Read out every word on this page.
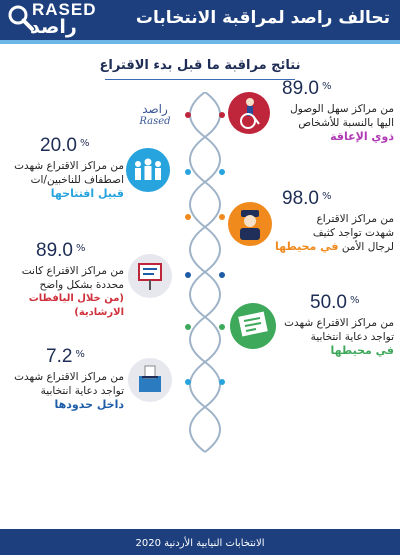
RASED
راصد	تحالف راصد لمراقبة الانتخابات
نتائج مراقبة ما قبل بدء الاقتراع
راصد
Rased
89.0 %
من مراكز سهل الوصول
اليها بالنسبة للأشخاص
ذوي الإعاقة
20.0 %
من مراكز الاقتراع شهدت
اصطفاف للناخبين/ات
قبيل افتتاحها	98.0 %
من مراكز الاقتراع
شهدت تواجد كثيف
لرجال الأمن في محيطها
89.0 %
من مراكز الاقتراع كانت
محددة بشكل واضح
(من خلال اليافطات الارشادية)	50.0 %
من مراكز الاقتراع شهدت
تواجد دعاية انتخابية
في محيطها
7.2 %
من مراكز الاقتراع شهدت
تواجد دعاية انتخابية
داخل حدودها
الانتخابات النيابية الأردنية 2020
